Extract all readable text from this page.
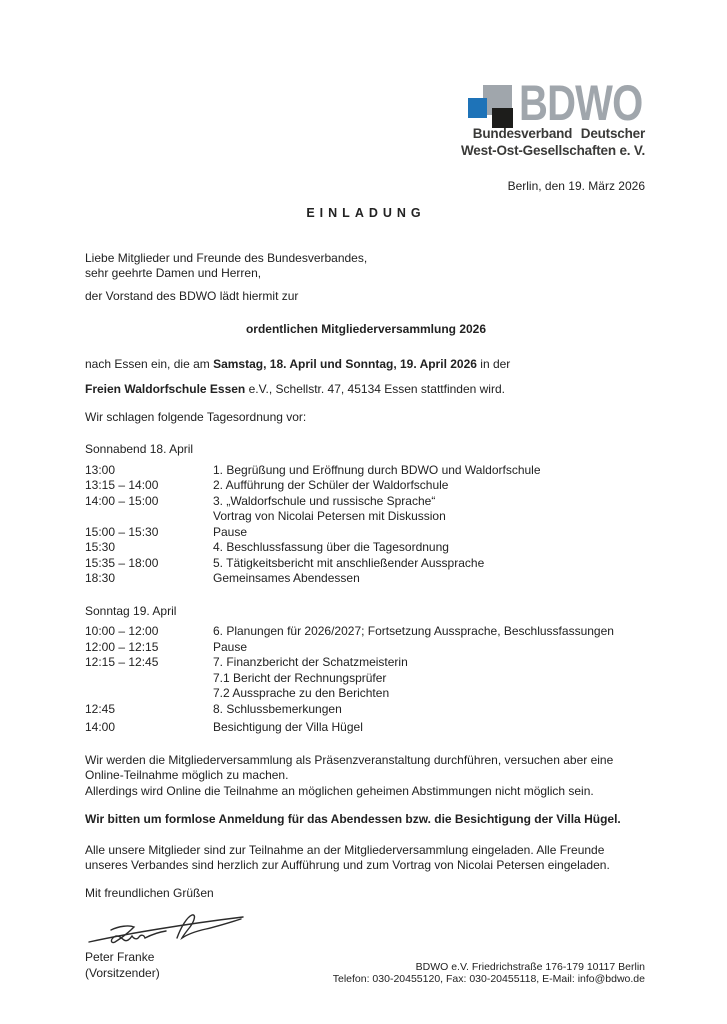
BDWO
Bundesverband Deutscher
West-Ost-Gesellschaften e. V.
Berlin, den 19. März 2026
EINLADUNG
Liebe Mitglieder und Freunde des Bundesverbandes,
sehr geehrte Damen und Herren,
der Vorstand des BDWO lädt hiermit zur
ordentlichen Mitgliederversammlung 2026
nach Essen ein, die am Samstag, 18. April und Sonntag, 19. April 2026 in der
Freien Waldorfschule Essen e.V., Schellstr. 47, 45134 Essen stattfinden wird.
Wir schlagen folgende Tagesordnung vor:
Sonnabend 18. April
13:00	1. Begrüßung und Eröffnung durch BDWO und Waldorfschule
13:15 – 14:00	2. Aufführung der Schüler der Waldorfschule
14:00 – 15:00	3. „Waldorfschule und russische Sprache“
Vortrag von Nicolai Petersen mit Diskussion
15:00 – 15:30	Pause
15:30	4. Beschlussfassung über die Tagesordnung
15:35 – 18:00	5. Tätigkeitsbericht mit anschließender Aussprache
18:30	Gemeinsames Abendessen
Sonntag 19. April
10:00 – 12:00	6. Planungen für 2026/2027; Fortsetzung Aussprache, Beschlussfassungen
12:00 – 12:15	Pause
12:15 – 12:45	7. Finanzbericht der Schatzmeisterin
7.1 Bericht der Rechnungsprüfer
7.2 Aussprache zu den Berichten
12:45	8. Schlussbemerkungen
14:00	Besichtigung der Villa Hügel
Wir werden die Mitgliederversammlung als Präsenzveranstaltung durchführen, versuchen aber eine Online-Teilnahme möglich zu machen.
Allerdings wird Online die Teilnahme an möglichen geheimen Abstimmungen nicht möglich sein.
Wir bitten um formlose Anmeldung für das Abendessen bzw. die Besichtigung der Villa Hügel.
Alle unsere Mitglieder sind zur Teilnahme an der Mitgliederversammlung eingeladen. Alle Freunde unseres Verbandes sind herzlich zur Aufführung und zum Vortrag von Nicolai Petersen eingeladen.
Mit freundlichen Grüßen
Peter Franke
(Vorsitzender)	BDWO e.V. Friedrichstraße 176-179 10117 Berlin
Telefon: 030-20455120, Fax: 030-20455118, E-Mail: info@bdwo.de
